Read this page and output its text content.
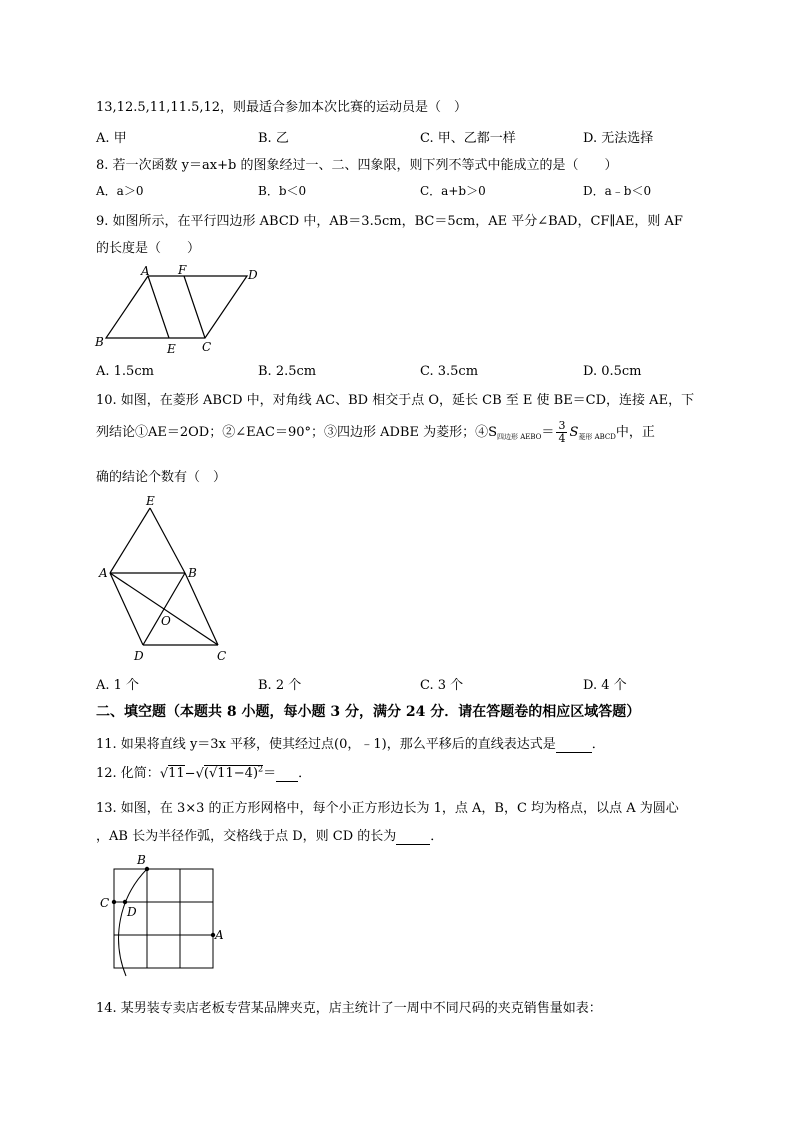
13,12.5,11,11.5,12，则最适合参加本次比赛的运动员是（　）
A. 甲	B. 乙	C. 甲、乙都一样	D. 无法选择
8. 若一次函数 y＝ax+b 的图象经过一、二、四象限，则下列不等式中能成立的是（　　）
A．a＞0	B．b＜0	C．a+b＞0	D．a﹣b＜0
9. 如图所示，在平行四边形 ABCD 中，AB＝3.5cm，BC＝5cm，AE 平分∠BAD，CF∥AE，则 AF
的长度是（　　）
A F	D
B	E C
A. 1.5cm	B. 2.5cm	C. 3.5cm	D. 0.5cm
10. 如图，在菱形 ABCD 中，对角线 AC、BD 相交于点 O，延长 CB 至 E 使 BE＝CD，连接 AE，下
列结论①AE＝2OD；②∠EAC＝90°；③四边形 ADBE 为菱形；$④S_{四边形 AEBO}= \frac{3}{4} S_{菱形 ABCD}$中，正
确的结论个数有（　）
E
A	B
O
D	C
A. 1 个	B. 2 个	C. 3 个	D. 4 个
二、填空题（本题共 8 小题，每小题 3 分，满分 24 分．请在答题卷的相应区域答题）
11. 如果将直线 y＝3x 平移，使其经过点(0，﹣1)，那么平移后的直线表达式是	．
12. 化简：$√11-√(√11-4)^2=$ ．
13. 如图，在 3×3 的正方形网格中，每个小正方形边长为 1，点 A，B，C 均为格点，以点 A 为圆心
，AB 长为半径作弧，交格线于点 D，则 CD 的长为	．
B
C
D
A
14. 某男装专卖店老板专营某品牌夹克，店主统计了一周中不同尺码的夹克销售量如表：
